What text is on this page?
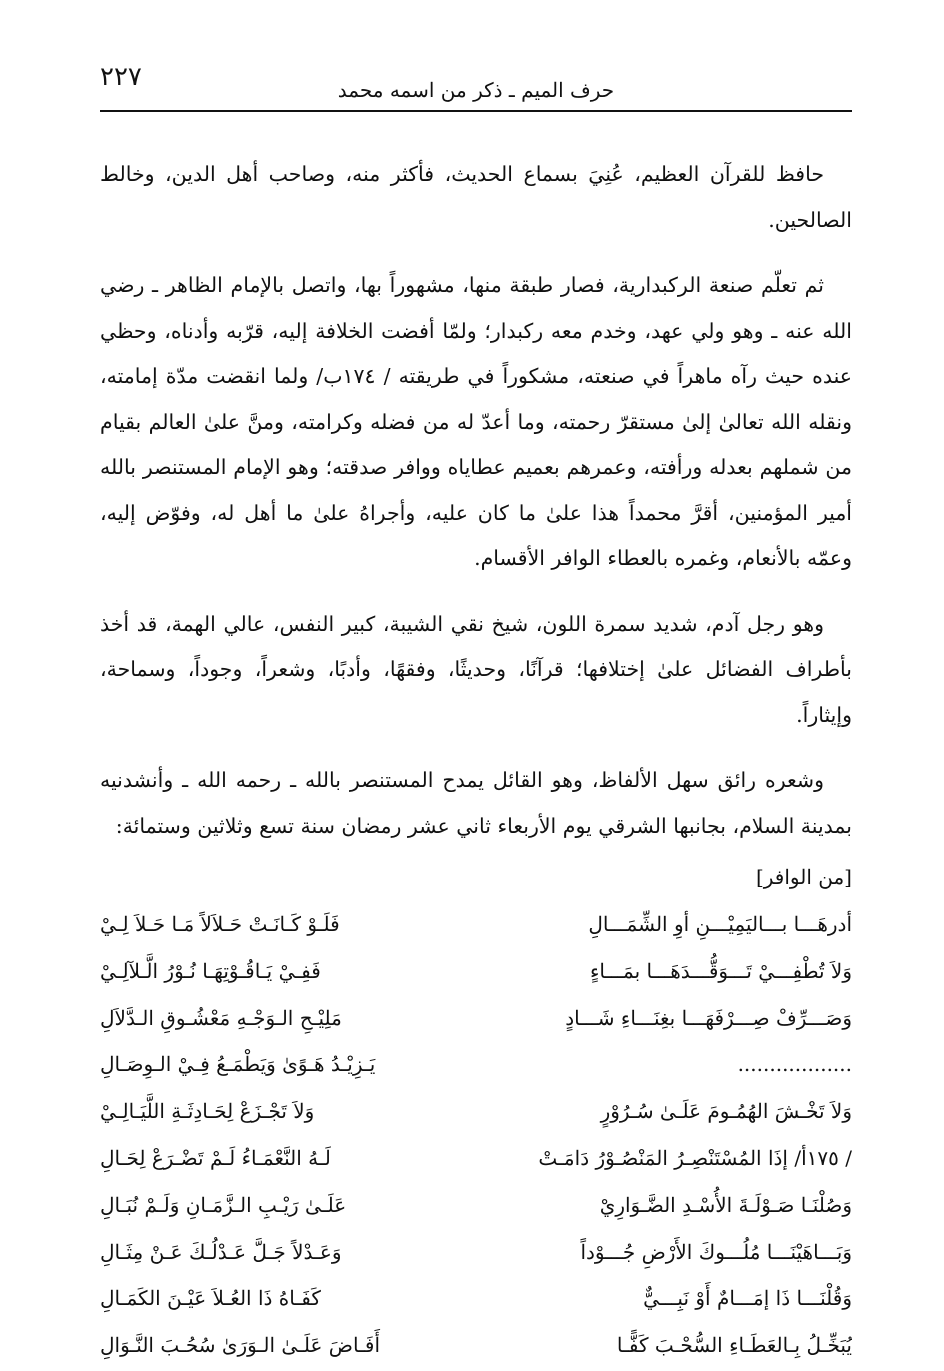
٢٢٧	حرف الميم ـ ذكر من اسمه محمد

حافظ للقرآن العظيم، عُنِيَ بسماع الحديث، فأكثر منه، وصاحب أهل الدين، وخالط الصالحين.

ثم تعلّم صنعة الركبدارية، فصار طبقة منها، مشهوراً بها، واتصل بالإمام الظاهر ـ رضي الله عنه ـ وهو ولي عهد، وخدم معه ركبدار؛ ولمّا أفضت الخلافة إليه، قرّبه وأدناه، وحظي عنده حيث رآه ماهراً في صنعته، مشكوراً في طريقته / ١٧٤ب/ ولما انقضت مدّة إمامته، ونقله الله تعالىٰ إلىٰ مستقرّ رحمته، وما أعدّ له من فضله وكرامته، ومنَّ علىٰ العالم بقيام من شملهم بعدله ورأفته، وعمرهم بعميم عطاياه ووافر صدقته؛ وهو الإمام المستنصر بالله أمير المؤمنين، أقرَّ محمداً هذا علىٰ ما كان عليه، وأجراهُ علىٰ ما أهل له، وفوّض إليه، وعمّه بالأنعام، وغمره بالعطاء الوافر الأقسام.

وهو رجل آدم، شديد سمرة اللون، شيخ نقي الشيبة، كبير النفس، عالي الهمة، قد أخذ بأطراف الفضائل علىٰ إختلافها؛ قرآنًا، وحديثًا، وفقهًا، وأدبًا، وشعراً، وجوداً، وسماحة، وإيثاراً.

وشعره رائق سهل الألفاظ، وهو القائل يمدح المستنصر بالله ـ رحمه الله ـ وأنشدنيه بمدينة السلام، بجانبها الشرقي يوم الأربعاء ثاني عشر رمضان سنة تسع وثلاثين وستمائة:

[من الوافر]
أدرهَـــا بـــاليَمِيْـــنِ أوِ الشِّمَـــالِ
فَلَـوْ كَـانَـتْ حَـلاَلاً مَـا حَـلاَ لِـيْ
وَلاَ تُطْفِـــيْ تَـــوَقُّـــدَهَـــا بمَـــاءٍ
فَفِـيْ يَـاقُـوْتِهَـا نُـوْرُ الَّـلآلِـيْ
وَصَـــرِّفْ صِـــرْفَهَـــا بغِنَـــاءِ شَـــادٍ
مَلِيْـحِ الـوَجْـهِ مَعْشُـوقِ الـدَّلاَلِ
..................
يَـزِيْـدُ هَـوًىٰ وَيَطْمَـعُ فِـيْ الـوِصَـالِ
وَلاَ تَخْـشَ الهُمُـومَ عَلَـىٰ سُـرُوْرٍ
وَلاَ تَجْـزَعْ لِحَـادِثَـةِ اللَّيَـالِـيْ
/ ١٧٥أ/ إذَا المُسْتَنْصِـرُ المَنْصُـوْرُ دَامَـتْ
لَـهُ النَّعْمَـاءُ لَـمْ تَضْـرَعْ لِحَـالِ
وَصُلْنَـا صَـوْلَـةَ الأُسْـدِ الضَّـوَارِيْ
عَلَـىٰ رَيْـبِ الـزَّمَـانِ وَلَـمْ نُبَـالِ
وَبَـــاهَيْنَـــا مُلُـــوكَ الأَرْضِ جُـــوْداً
وَعَـدْلاً جَـلَّ عَـدْلُـكَ عَـنْ مِثَـالِ
وَقُلْنَـــا ذَا إمَـــامٌ أَوْ نَبِـــيٌّ
كَفَـاهُ ذَا العُـلاَ عَيْـنَ الكَمَـالِ
يُبَخِّـلُ بِـالعَطَـاءِ السُّحْـبَ كَفًّـا
أَفَـاضَ عَلَـىٰ الـوَرَىٰ سُحُـبَ النَّـوَالِ
